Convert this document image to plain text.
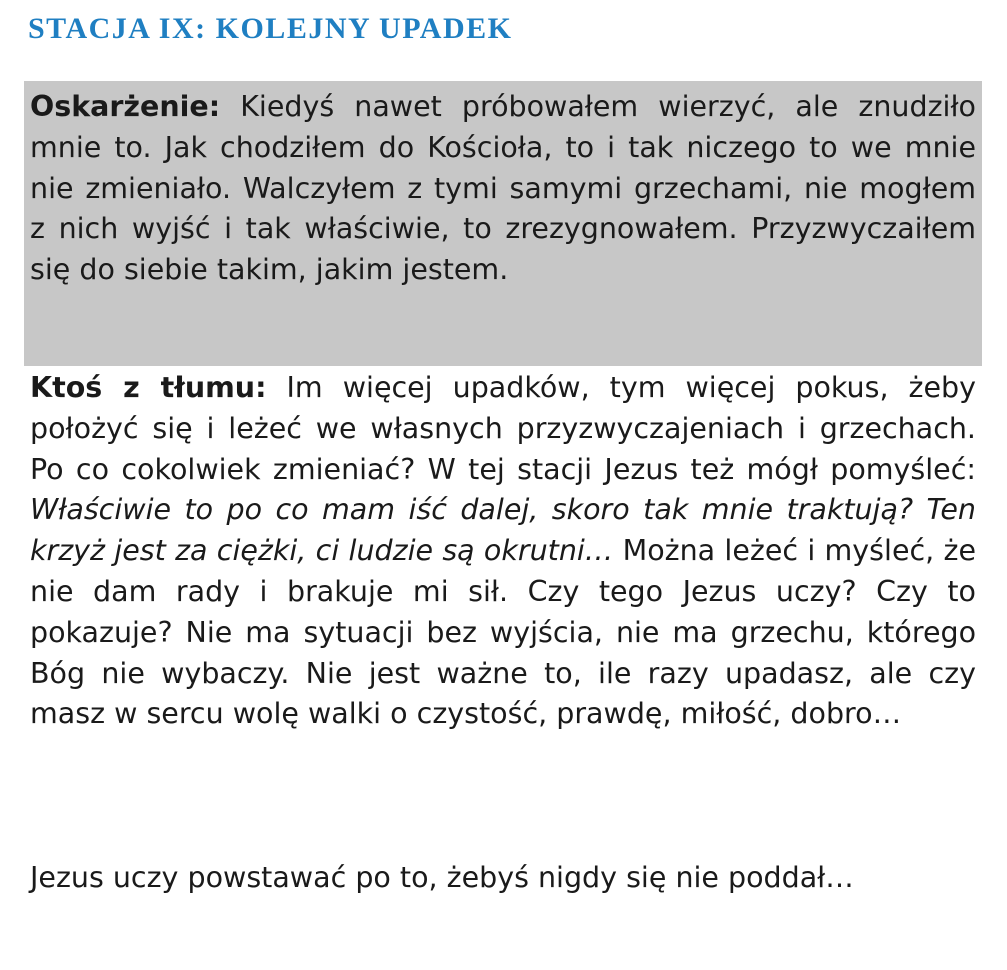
STACJA IX: KOLEJNY UPADEK
Oskarżenie: Kiedyś nawet próbowałem wierzyć, ale znudziło mnie to. Jak chodziłem do Kościoła, to i tak niczego to we mnie nie zmieniało. Walczyłem z tymi samymi grzechami, nie mogłem z nich wyjść i tak właściwie, to zrezygnowałem. Przyzwyczaiłem się do siebie takim, jakim jestem.
Ktoś z tłumu: Im więcej upadków, tym więcej pokus, żeby położyć się i leżeć we własnych przyzwyczajeniach i grzechach. Po co cokolwiek zmieniać? W tej stacji Jezus też mógł pomyśleć: Właściwie to po co mam iść dalej, skoro tak mnie traktują? Ten krzyż jest za ciężki, ci ludzie są okrutni… Można leżeć i myśleć, że nie dam rady i brakuje mi sił. Czy tego Jezus uczy? Czy to pokazuje? Nie ma sytuacji bez wyjścia, nie ma grzechu, którego Bóg nie wybaczy. Nie jest ważne to, ile razy upadasz, ale czy masz w sercu wolę walki o czystość, prawdę, miłość, dobro…
Jezus uczy powstawać po to, żebyś nigdy się nie poddał…
